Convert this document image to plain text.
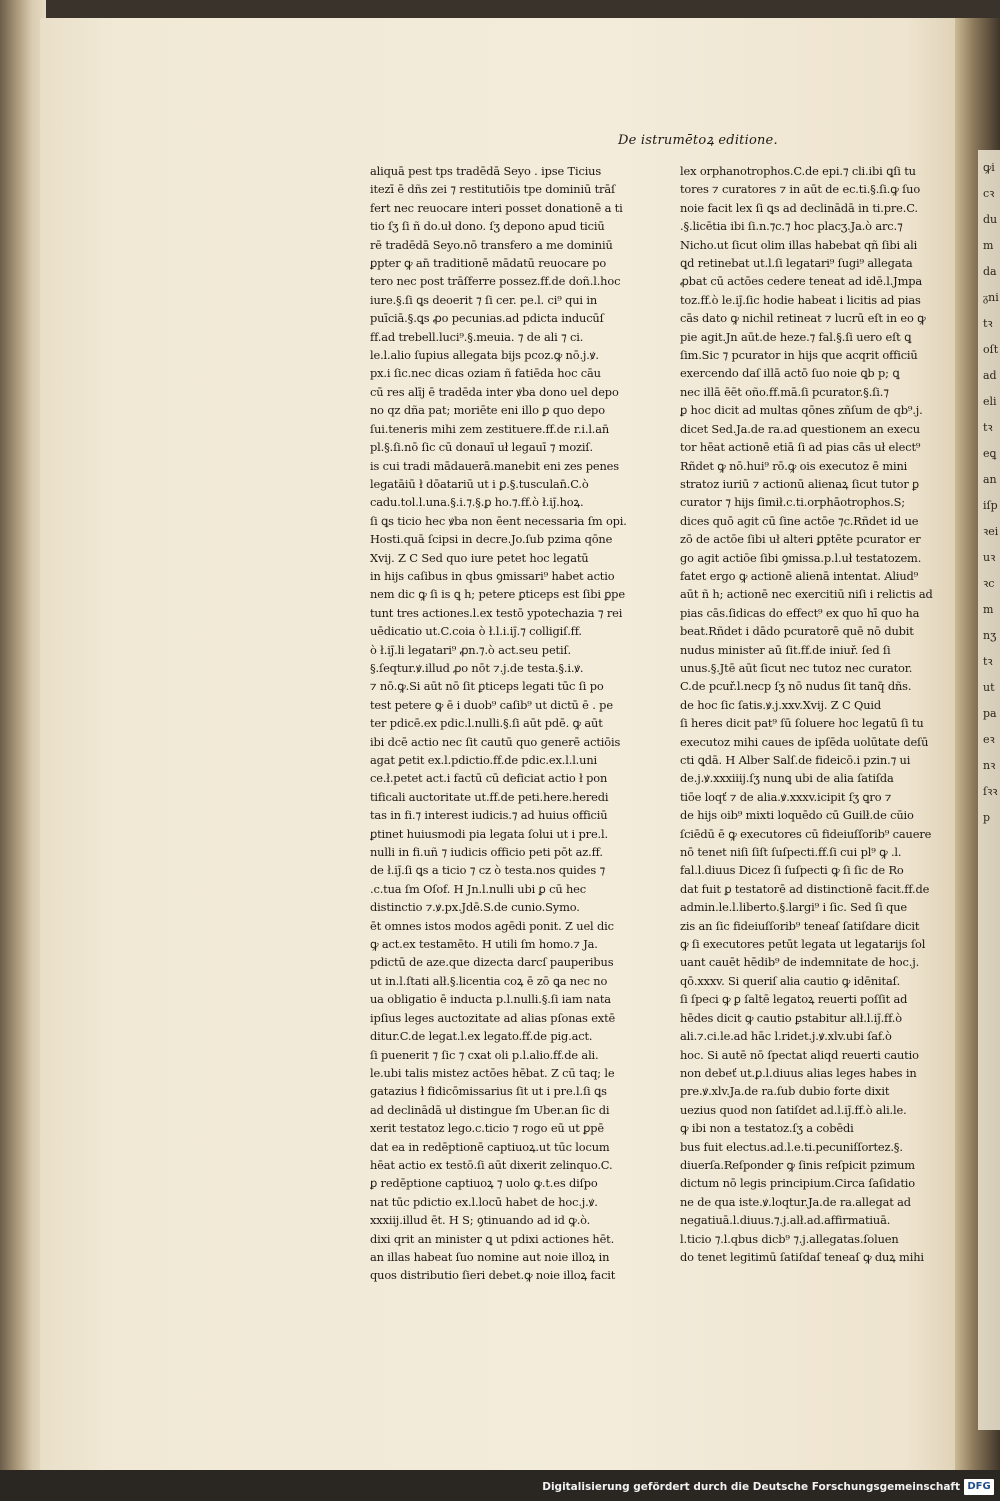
ꝙicꝛdumdaᵹnitꝛoſtadelitꝛeꝗaniſpꝛeiuꝛꝛcmnʒtꝛutpaeꝛnꝛſꝛꝛp
De istrumētoꝝ editione.
aliquā pest tps tradēdā Seyo . ipse Ticius
itezī ē dñs zei ⁊ restitutiōis tpe dominiū trāſ
fert nec reuocare interi posset donationē a ti
tio ſʒ ſi ñ do.uł dono. ſʒ depono apud ticiū
rē tradēdā Seyo.nō transfero a me dominiū
ꝑpter ꝙ an̄ traditionē mādatū reuocare po
tero nec post trāſferre possez.ff.de doñ.l.hoc
iure.§.ſi ꝗs deoerit ⁊ ſi cer. pe.l. ci⁹ qui in
puīciā.§.ꝗs ꝓo pecunias.ad pdicta inducūſ
ff.ad trebell.luci⁹.§.meuia. ⁊ de ali ⁊ ci.
le.l.alio ſupius allegata bijs pcoz.ꝙ nō.j.ꝟ.
px.i ſic.nec dicas oziam ñ fatiēda hoc cāu
cū res alīj ē tradēda inter ꝟba dono uel depo
no qz dña pat; moriēte eni illo ꝑ quo depo
ſui.teneris mihi zem zestituere.ff.de r.i.l.an̄
pl.§.ſi.nō ſic cū donauī uł legauī ⁊ moziſ.
is cui tradi mādauerā.manebit eni zes penes
legatāiū ł dōatariū ut i ꝑ.§.tusculan̄.C.ò
cadu.tol.l.una.§.i.⁊.§.ꝑ ho.⁊.ff.ò ł.ij̄.hoꝝ.
ſi ꝗs ticio hec ꝟba non ēent necessaria ſm opi.
Hosti.quā ſcipsi in decre.Jo.ſub pzima qōne
Xvij. Z C Sed quo iure petet hoc legatū
in hijs caſibus in qbus ꝯmissari⁹ habet actio
nem dic ꝙ ſi is ꝗ h; petere ꝑticeps est ſibi ꝑpe
tunt tres actiones.l.ex testō ypotechazia ⁊ rei
uēdicatio ut.C.coia ò ł.l.i.ij̄.⁊ colligiſ.ff.
ò ł.ij̄.li legatari⁹ ꝓn.⁊.ò act.seu petiſ.
§.ſeqtur.ꝟ.illud ꝓo nōt ⁊.j.de testa.§.i.ꝟ.
⁊ nō.ꝙ.Si aūt nō ſit ꝑticeps legati tūc ſi po
test petere ꝙ ē i duob⁹ caſib⁹ ut dictū ē . pe
ter pdicē.ex pdic.l.nulli.§.ſi aūt pdē. ꝙ aūt
ibi dcē actio nec ſit cautū quo generē actiōis
agat ꝑetit ex.l.pdictio.ff.de pdic.ex.l.l.uni
ce.ł.petet act.i factū cū deficiat actio ł pon
tificali auctoritate ut.ff.de peti.here.heredi
tas in fi.⁊ interest iudicis.⁊ ad huius officiū
ꝑtinet huiusmodi pia legata ſolui ut i pre.l.
nulli in fi.uñ ⁊ iudicis officio peti pōt az.ff.
de ł.ij̄.ſi ꝗs a ticio ⁊ cz ò testa.nos quides ⁊
.c.tua ſm Oſof. H Jn.l.nulli ubi ꝑ cū hec
distinctio ⁊.ꝟ.px.Jdē.S.de cunio.Symo.
ēt omnes istos modos agēdi ponit. Z uel dic
ꝙ act.ex testamēto. H utili ſm homo.⁊ Ja.
pdictū de aze.que dizecta darcſ pauperibus
ut in.l.ſtati alł.§.licentia coꝝ ē zō ꝗa nec no
ua obligatio ē inducta p.l.nulli.§.ſi iam nata
ipſius leges auctozitate ad alias pſonas extē
ditur.C.de legat.l.ex legato.ff.de pig.act.
ſi puenerit ⁊ ſic ⁊ cxat oli p.l.alio.ff.de ali.
le.ubi talis mistez actōes hēbat. Z cū taq; le
gatazius ł fidicōmissarius ſit ut i pre.l.ſi ꝗs
ad declinādā uł distingue ſm Uber.an ſic di
xerit testatoz lego.c.ticio ⁊ rogo eū ut ꝑpē
dat ea in redēptionē captiuoꝝ.ut tūc locum
hēat actio ex testō.ſi aūt dixerit zelinquo.C.
ꝑ redēptione captiuoꝝ ⁊ uolo ꝙ.t.es diſpo
nat tūc pdictio ex.l.locū habet de hoc.j.ꝟ.
xxxiij.illud ēt. H S; ꝯtinuando ad id ꝙ.ò.
dixi qrit an minister ꝗ ut pdixi actiones hēt.
an illas habeat ſuo nomine aut noie illoꝝ in
quos distributio ſieri debet.ꝙ noie illoꝝ facit
lex orphanotrophos.C.de epi.⁊ cli.ibi ꝗſi tu
tores ⁊ curatores ⁊ in aūt de ec.ti.§.ſi.ꝙ ſuo
noie facit lex ſi ꝗs ad declinādā in ti.pre.C.
.§.licētia ibi ſi.n.⁊c.⁊ hoc placʒ.Ja.ò arc.⁊
Nicho.ut ſicut olim illas habebat qñ ſibi ali
ꝗd retinebat ut.l.ſi legatari⁹ ſugi⁹ allegata
ꝓbat cū actōes cedere teneat ad idē.l.Jmpa
toz.ff.ò le.ij̄.ſic hodie habeat i licitis ad pias
cās dato ꝙ nichil retineat ⁊ lucrū eſt in eo ꝙ
pie agit.Jn aūt.de heze.⁊ fal.§.ſi uero eſt ꝗ
ſim.Sic ⁊ pcurator in hijs que acqrit officiū
exercendo daſ illā actō ſuo noie ꝗb p; ꝗ
nec illā ēēt oño.ff.mā.ſi pcurator.§.ſi.⁊
ꝑ hoc dicit ad multas qōnes zñſum de qb⁹.j.
dicet Sed.Ja.de ra.ad questionem an execu
tor hēat actionē etiā ſi ad pias cās uł elect⁹
Rñdet ꝙ nō.hui⁹ rō.ꝙ ois executoz ē mini
stratoz iuriū ⁊ actionū alienaꝝ ſicut tutor ꝑ
curator ⁊ hijs ſimił.c.ti.orphāotrophos.S;
dices quō agit cū ſine actōe ⁊c.Rñdet id ue
zō de actōe ſibi uł alteri ꝑptēte pcurator er
go agit actiōe ſibi ꝯmissa.p.l.uł testatozem.
fatet ergo ꝙ actionē alienā intentat. Aliud⁹
aūt ñ h; actionē nec exercitiū niſi i relictis ad
pias cās.ſidicas do effect⁹ ex quo hī quo ha
beat.Rñdet i dādo pcuratorē quē nō dubit
nudus minister aū ſit.ff.de iniuř. ſed ſi
unus.§.Jtē aūt ſicut nec tutoz nec curator.
C.de pcuř.l.necp ſʒ nō nudus ſit tanq̄ dñs.
de hoc ſic ſatis.ꝟ.j.xxv.Xvij. Z C Quid
ſi heres dicit pat⁹ ſū ſoluere hoc legatū ſi tu
executoz mihi caues de ipſēda uolūtate deſū
cti ꝗdā. H Alber Salſ.de fideicō.i pzin.⁊ ui
de.j.ꝟ.xxxiiij.ſʒ nunꝗ ubi de alia ſatiſda
tiōe loqť ⁊ de alia.ꝟ.xxxv.icipit ſʒ ꝗro ⁊
de hijs oib⁹ mixti loquēdo cū Guilł.de cūio
ſciēdū ē ꝙ executores cū fideiuſſorib⁹ cauere
nō tenet niſi ſiſt ſuſpecti.ff.ſi cui pl⁹ ꝙ .l.
fal.l.diuus Dicez ſi ſuſpecti ꝙ ſi ſic de Ro
dat fuit ꝑ testatorē ad distinctionē facit.ff.de
admin.le.l.liberto.§.largi⁹ i ſic. Sed ſi que
zis an ſic fideiuſſorib⁹ teneaſ ſatiſdare dicit
ꝙ ſi executores petūt legata ut legatarijs ſol
uant cauēt hēdib⁹ de indemnitate de hoc.j.
qō.xxxv. Si queriſ alia cautio ꝙ idēnitaſ.
ſi ſpeci ꝙ ꝑ ſaltē legatoꝝ reuerti poſſit ad
hēdes dicit ꝙ cautio ꝑstabitur alł.l.ij̄.ff.ò
ali.⁊.ci.le.ad hāc l.ridet.j.ꝟ.xlv.ubi ſaf.ò
hoc. Si autē nō ſpectat aliqd reuerti cautio
non debeť ut.ꝑ.l.diuus alias leges habes in
pre.ꝟ.xlv.Ja.de ra.ſub dubio forte dixit
uezius quod non ſatiſdet ad.l.ij̄.ff.ò ali.le.
ꝙ ibi non a testatoz.ſʒ a cobēdi
bus fuit electus.ad.l.e.ti.pecuniſſortez.§.
diuerſa.Reſponder ꝙ ſinis reſpicit pzimum
dictum nō legis principium.Circa ſaſidatio
ne de qua iste.ꝟ.loqtur.Ja.de ra.allegat ad
negatiuā.l.diuus.⁊.j.alł.ad.affirmatiuā.
l.ticio ⁊.l.qbus dicb⁹ ⁊.j.allegatas.ſoluen
do tenet legitimū ſatiſdaſ teneaſ ꝙ duꝝ mihi
Digitalisierung gefördert durch die Deutsche Forschungsgemeinschaft DFG
